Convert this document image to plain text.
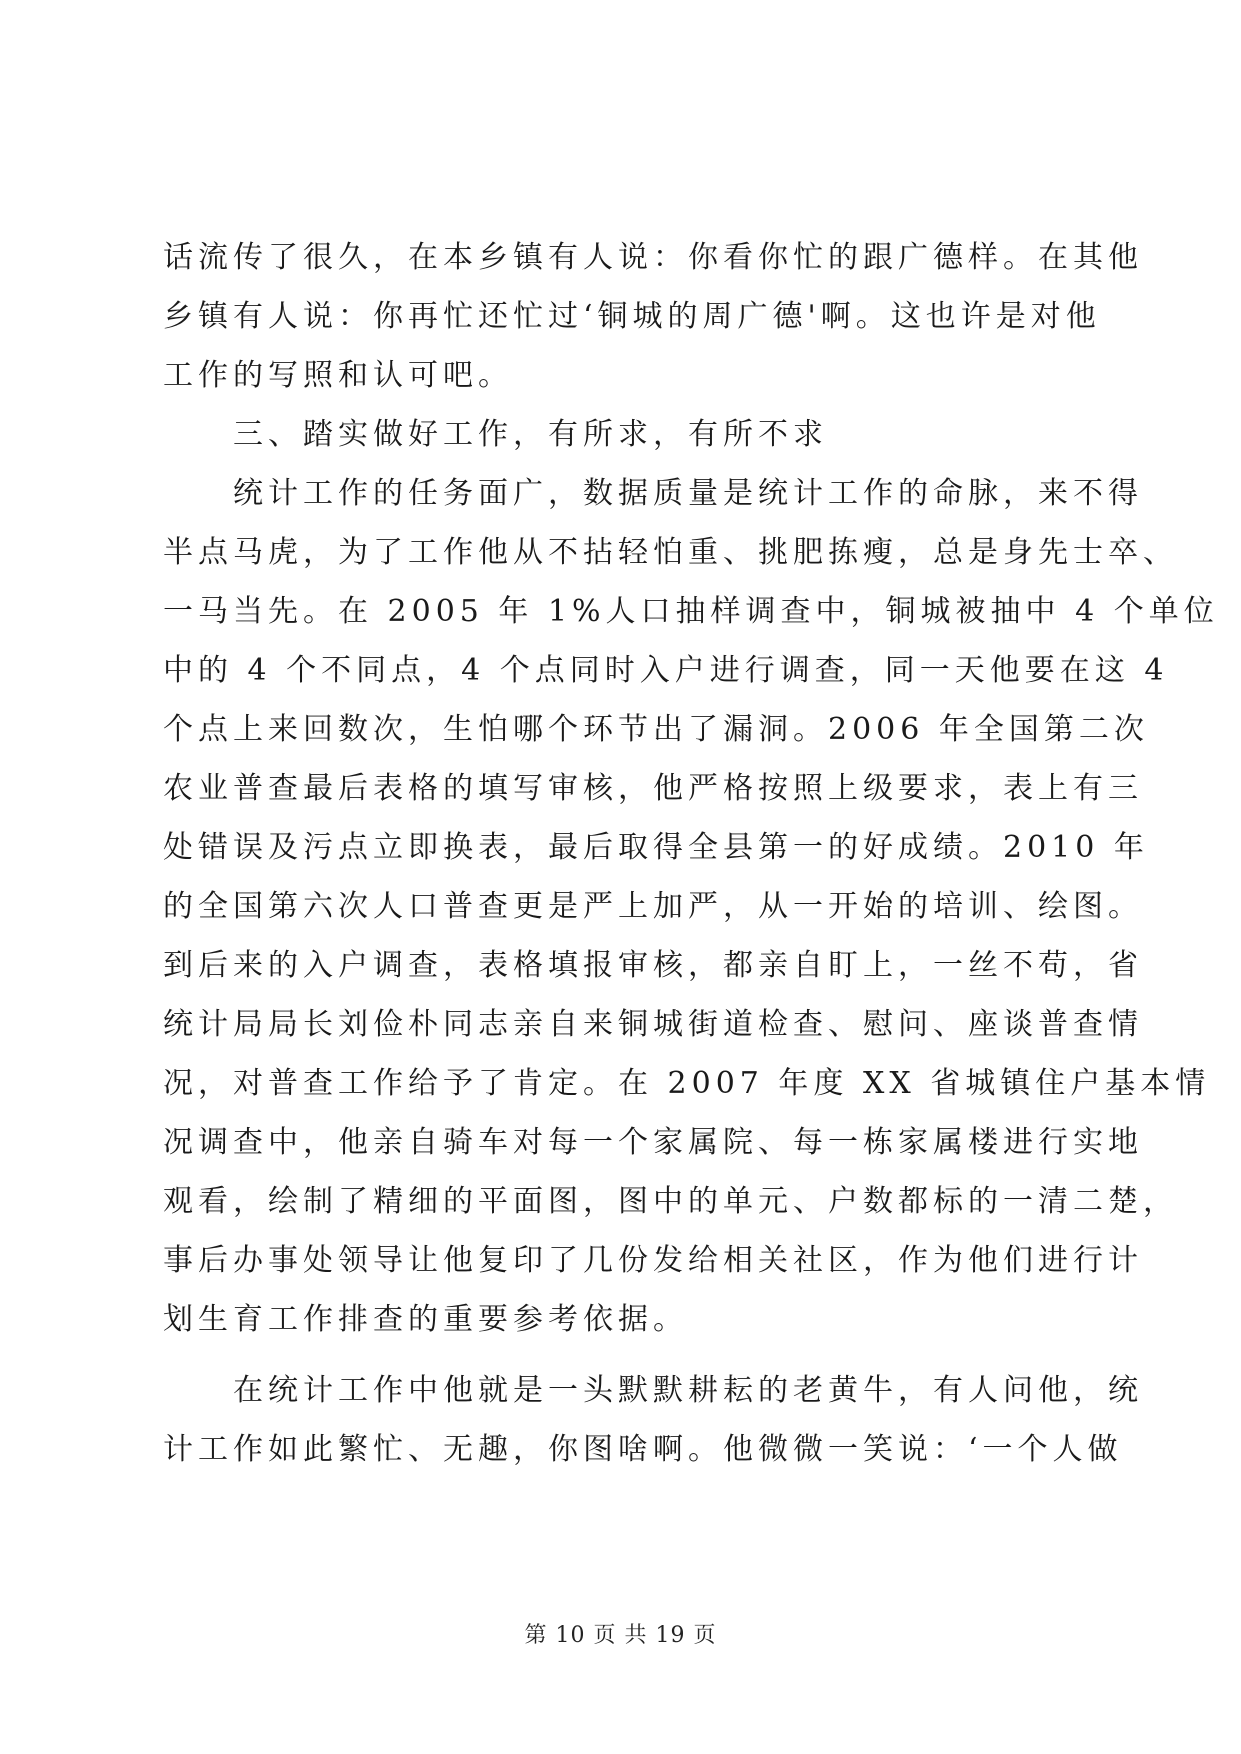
话流传了很久，在本乡镇有人说：你看你忙的跟广德样。在其他
乡镇有人说：你再忙还忙过‘铜城的周广德'啊。这也许是对他
工作的写照和认可吧。
三、踏实做好工作，有所求，有所不求
统计工作的任务面广，数据质量是统计工作的命脉，来不得
半点马虎，为了工作他从不拈轻怕重、挑肥拣瘦，总是身先士卒、
一马当先。在 2005 年 1%人口抽样调查中，铜城被抽中 4 个单位
中的 4 个不同点，4 个点同时入户进行调查，同一天他要在这 4
个点上来回数次，生怕哪个环节出了漏洞。2006 年全国第二次
农业普查最后表格的填写审核，他严格按照上级要求，表上有三
处错误及污点立即换表，最后取得全县第一的好成绩。2010 年
的全国第六次人口普查更是严上加严，从一开始的培训、绘图。
到后来的入户调查，表格填报审核，都亲自盯上，一丝不苟，省
统计局局长刘俭朴同志亲自来铜城街道检查、慰问、座谈普查情
况，对普查工作给予了肯定。在 2007 年度 XX 省城镇住户基本情
况调查中，他亲自骑车对每一个家属院、每一栋家属楼进行实地
观看，绘制了精细的平面图，图中的单元、户数都标的一清二楚，
事后办事处领导让他复印了几份发给相关社区，作为他们进行计
划生育工作排查的重要参考依据。
在统计工作中他就是一头默默耕耘的老黄牛，有人问他，统
计工作如此繁忙、无趣，你图啥啊。他微微一笑说：‘一个人做
第 10 页 共 19 页
